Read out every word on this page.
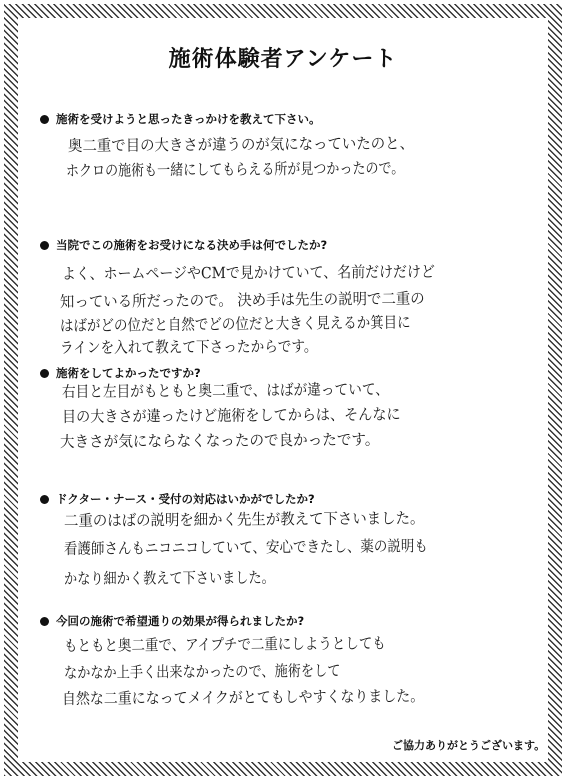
施術体験者アンケート
施術を受けようと思ったきっかけを教えて下さい。
奥二重で目の大きさが違うのが気になっていたのと、
ホクロの施術も一緒にしてもらえる所が見つかったので。
当院でこの施術をお受けになる決め手は何でしたか?
よく、ホームページやCMで見かけていて、名前だけだけど
知っている所だったので。 決め手は先生の説明で二重の
はばがどの位だと自然でどの位だと大きく見えるか箕目に
ラインを入れて教えて下さったからです。
施術をしてよかったですか?
右目と左目がもともと奥二重で、はばが違っていて、
目の大きさが違ったけど施術をしてからは、そんなに
大きさが気にならなくなったので良かったです。
ドクター・ナース・受付の対応はいかがでしたか?
二重のはばの説明を細かく先生が教えて下さいました。
看護師さんもニコニコしていて、安心できたし、薬の説明も
かなり細かく教えて下さいました。
今回の施術で希望通りの効果が得られましたか?
もともと奥二重で、アイプチで二重にしようとしても
なかなか上手く出来なかったので、施術をして
自然な二重になってメイクがとてもしやすくなりました。
ご協力ありがとうございます。
